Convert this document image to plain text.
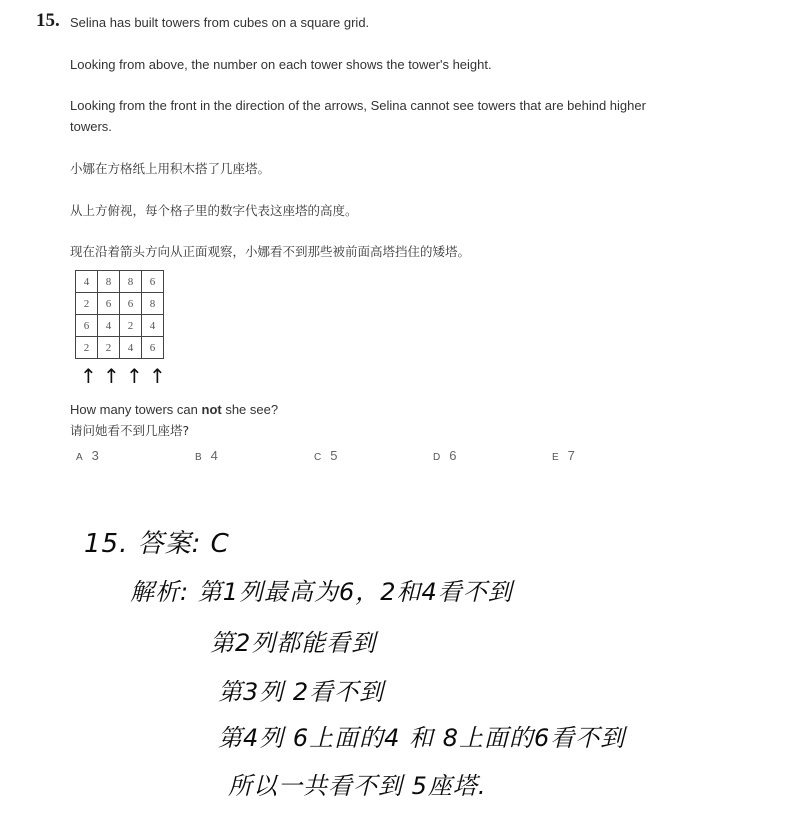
15. Selina has built towers from cubes on a square grid.
Looking from above, the number on each tower shows the tower's height.
Looking from the front in the direction of the arrows, Selina cannot see towers that are behind higher towers.
小娜在方格纸上用积木搭了几座塔。
从上方俯视，每个格子里的数字代表这座塔的高度。
现在沿着箭头方向从正面观察，小娜看不到那些被前面高塔挡住的矮塔。
4	8	8	6
2	6	6	8
6	4	2	4
2	2	4	6
↑ ↑ ↑ ↑
How many towers can not she see?
请问她看不到几座塔?
A 3	B 4	C 5	D 6	E 7
15. 答案: C
解析: 第1列最高为6，2和4看不到
第2列都能看到
第3列 2看不到
第4列 6上面的4 和 8上面的6看不到
所以一共看不到 5座塔.
